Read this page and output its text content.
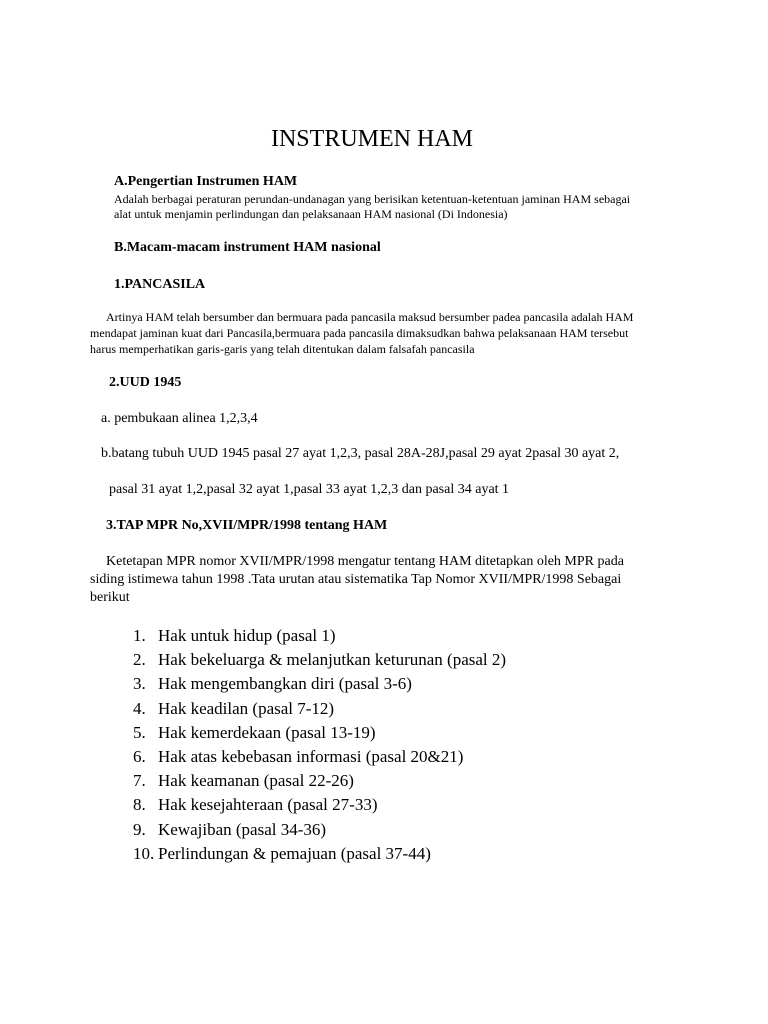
INSTRUMEN HAM
A.Pengertian Instrumen HAM
Adalah berbagai peraturan perundan-undanagan yang berisikan ketentuan-ketentuan jaminan HAM sebagai
alat untuk menjamin perlindungan dan pelaksanaan HAM nasional (Di Indonesia)
B.Macam-macam instrument HAM nasional
1.PANCASILA
Artinya HAM telah bersumber dan bermuara pada pancasila maksud bersumber padea pancasila adalah HAM
mendapat jaminan kuat dari Pancasila,bermuara pada pancasila dimaksudkan bahwa pelaksanaan HAM tersebut
harus memperhatikan garis-garis yang telah ditentukan dalam falsafah pancasila
2.UUD 1945
a. pembukaan alinea 1,2,3,4
b.batang tubuh UUD 1945 pasal 27 ayat 1,2,3, pasal 28A-28J,pasal 29 ayat 2pasal 30 ayat 2,
pasal 31 ayat 1,2,pasal 32 ayat 1,pasal 33 ayat 1,2,3 dan pasal 34 ayat 1
3.TAP MPR No,XVII/MPR/1998 tentang HAM
Ketetapan MPR nomor XVII/MPR/1998 mengatur tentang HAM ditetapkan oleh MPR pada
siding istimewa tahun 1998 .Tata urutan atau sistematika Tap Nomor XVII/MPR/1998 Sebagai
berikut
1. Hak untuk hidup (pasal 1)
2. Hak bekeluarga & melanjutkan keturunan (pasal 2)
3. Hak mengembangkan diri (pasal 3-6)
4. Hak keadilan (pasal 7-12)
5. Hak kemerdekaan (pasal 13-19)
6. Hak atas kebebasan informasi (pasal 20&21)
7. Hak keamanan (pasal 22-26)
8. Hak kesejahteraan (pasal 27-33)
9. Kewajiban (pasal 34-36)
10. Perlindungan & pemajuan (pasal 37-44)
